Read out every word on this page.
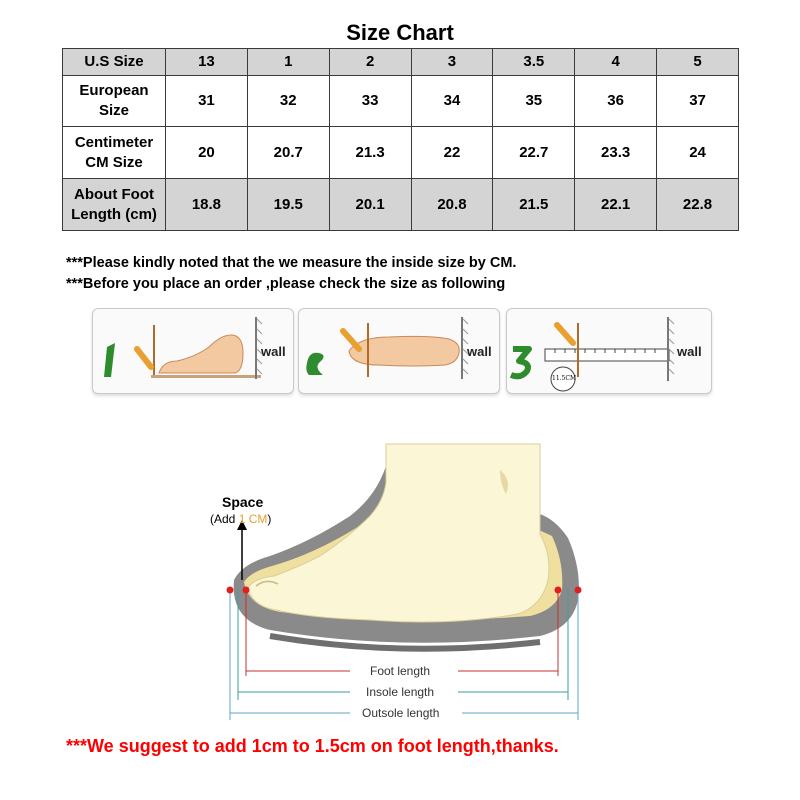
Size Chart
U.S Size	13	1	2	3	3.5	4	5
European Size	31	32	33	34	35	36	37
Centimeter CM Size	20	20.7	21.3	22	22.7	23.3	24
About Foot Length (cm)	18.8	19.5	20.1	20.8	21.5	22.1	22.8
***Please kindly noted that the we measure the inside size by CM.
***Before you place an order ,please check the size as following
wall	wall
11.5CM
wall
Space
(Add 1 CM)
Foot length
Insole length
Outsole length
***We suggest to add 1cm to 1.5cm on foot length,thanks.
